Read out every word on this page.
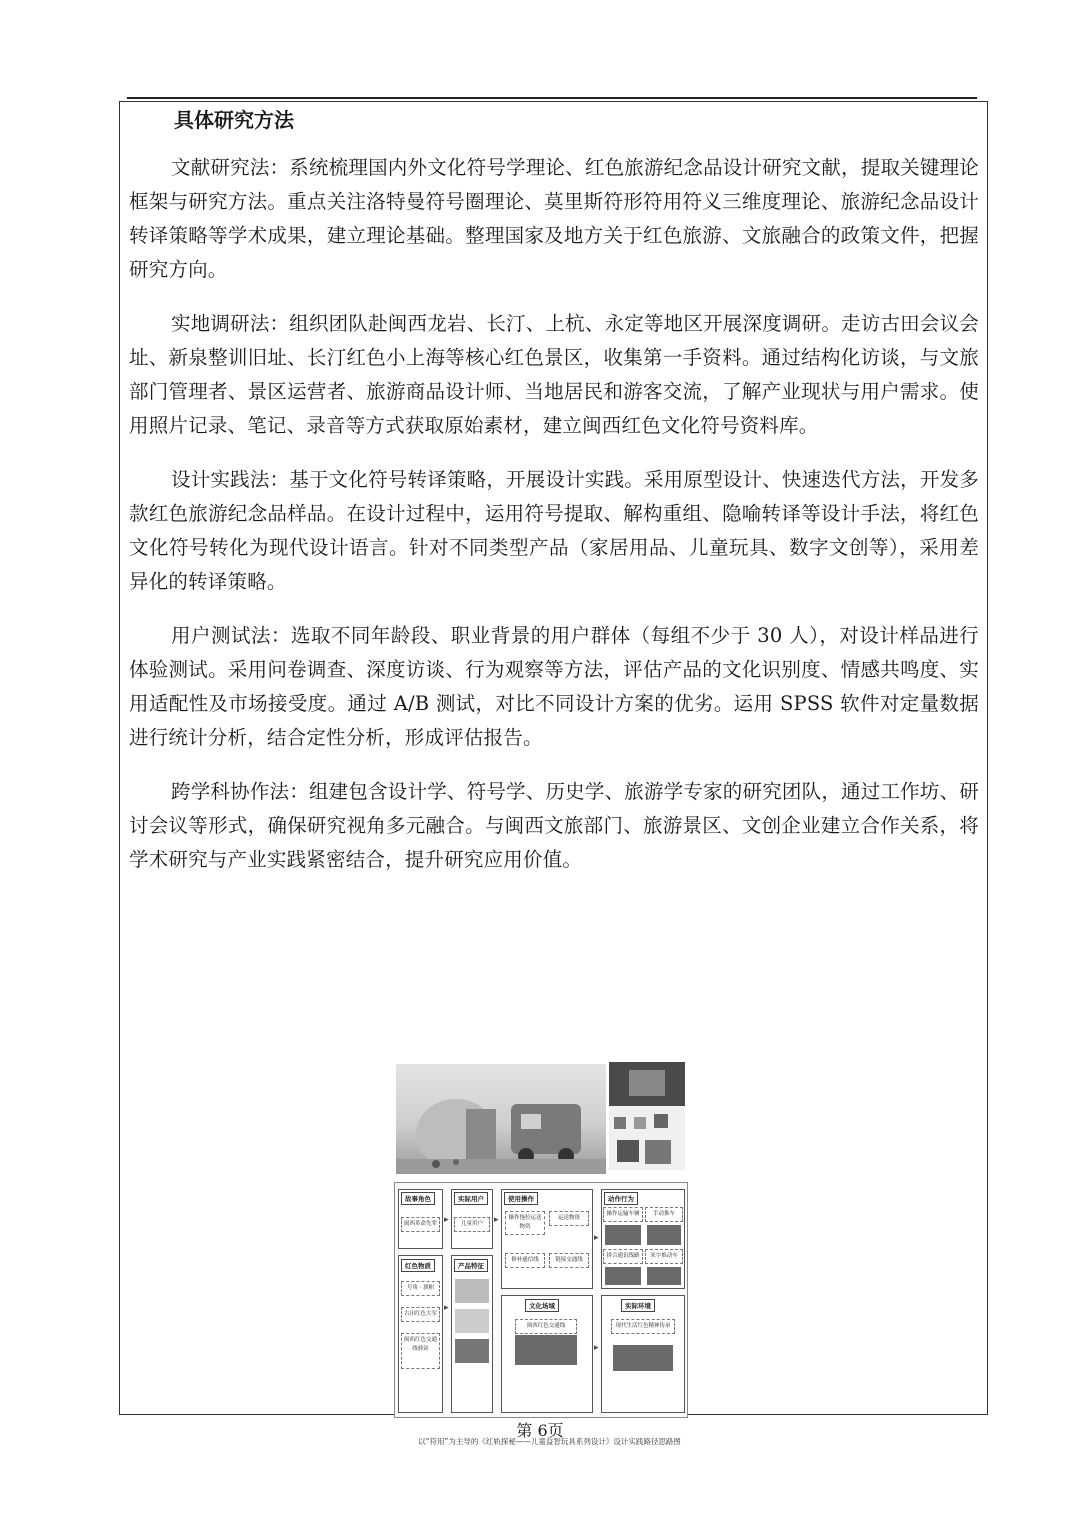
具体研究方法

文献研究法：系统梳理国内外文化符号学理论、红色旅游纪念品设计研究文献，提取关键理论框架与研究方法。重点关注洛特曼符号圈理论、莫里斯符形符用符义三维度理论、旅游纪念品设计转译策略等学术成果，建立理论基础。整理国家及地方关于红色旅游、文旅融合的政策文件，把握研究方向。

实地调研法：组织团队赴闽西龙岩、长汀、上杭、永定等地区开展深度调研。走访古田会议会址、新泉整训旧址、长汀红色小上海等核心红色景区，收集第一手资料。通过结构化访谈，与文旅部门管理者、景区运营者、旅游商品设计师、当地居民和游客交流，了解产业现状与用户需求。使用照片记录、笔记、录音等方式获取原始素材，建立闽西红色文化符号资料库。

设计实践法：基于文化符号转译策略，开展设计实践。采用原型设计、快速迭代方法，开发多款红色旅游纪念品样品。在设计过程中，运用符号提取、解构重组、隐喻转译等设计手法，将红色文化符号转化为现代设计语言。针对不同类型产品（家居用品、儿童玩具、数字文创等），采用差异化的转译策略。

用户测试法：选取不同年龄段、职业背景的用户群体（每组不少于 30 人），对设计样品进行体验测试。采用问卷调查、深度访谈、行为观察等方法，评估产品的文化识别度、情感共鸣度、实用适配性及市场接受度。通过 A/B 测试，对比不同设计方案的优劣。运用 SPSS 软件对定量数据进行统计分析，结合定性分析，形成评估报告。

跨学科协作法：组建包含设计学、符号学、历史学、旅游学专家的研究团队，通过工作坊、研讨会议等形式，确保研究视角多元融合。与闽西文旅部门、旅游景区、文创企业建立合作关系，将学术研究与产业实践紧密结合，提升研究应用价值。

故事角色
闽西革命先辈 ▸
实际用户
儿童用户	▸
使用操作
操作拖拉运送物资
运送物资
修补通信线	链接交通线
▸
动作行为
操作运输车辆	手动推车
拼合通讯线路	米字推动车
红色物质
号角 · 旗帜
古田红色大军
闽西红色交通线驿站
▸
产品特征
文化场域
闽西红色交通线
▸
实际环境
现代生活红色精神传承
以“符用”为主导的《红轨探秘——儿童益智玩具系列设计》设计实践路径思路图
第 6页
